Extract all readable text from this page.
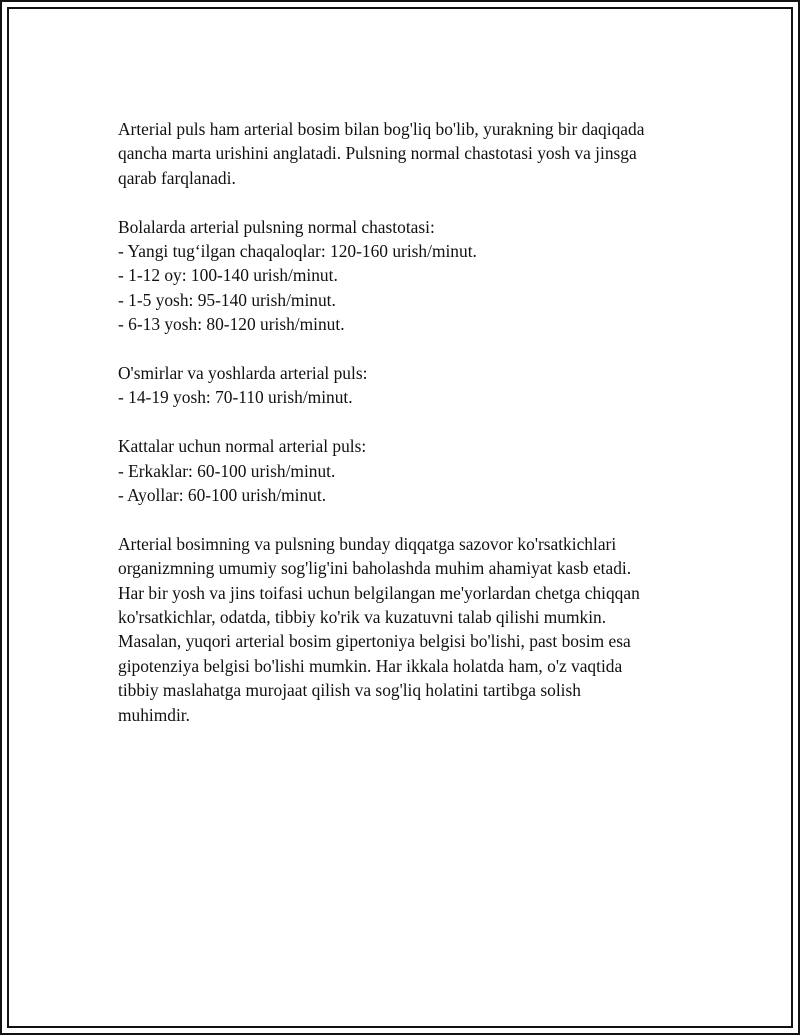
Arterial puls ham arterial bosim bilan bog'liq bo'lib, yurakning bir daqiqada
qancha marta urishini anglatadi. Pulsning normal chastotasi yosh va jinsga
qarab farqlanadi.

Bolalarda arterial pulsning normal chastotasi:
- Yangi tug‘ilgan chaqaloqlar: 120-160 urish/minut.
- 1-12 oy: 100-140 urish/minut.
- 1-5 yosh: 95-140 urish/minut.
- 6-13 yosh: 80-120 urish/minut.

O'smirlar va yoshlarda arterial puls:
- 14-19 yosh: 70-110 urish/minut.

Kattalar uchun normal arterial puls:
- Erkaklar: 60-100 urish/minut.
- Ayollar: 60-100 urish/minut.

Arterial bosimning va pulsning bunday diqqatga sazovor ko'rsatkichlari
organizmning umumiy sog'lig'ini baholashda muhim ahamiyat kasb etadi.
Har bir yosh va jins toifasi uchun belgilangan me'yorlardan chetga chiqqan
ko'rsatkichlar, odatda, tibbiy ko'rik va kuzatuvni talab qilishi mumkin.
Masalan, yuqori arterial bosim gipertoniya belgisi bo'lishi, past bosim esa
gipotenziya belgisi bo'lishi mumkin. Har ikkala holatda ham, o'z vaqtida
tibbiy maslahatga murojaat qilish va sog'liq holatini tartibga solish
muhimdir.
